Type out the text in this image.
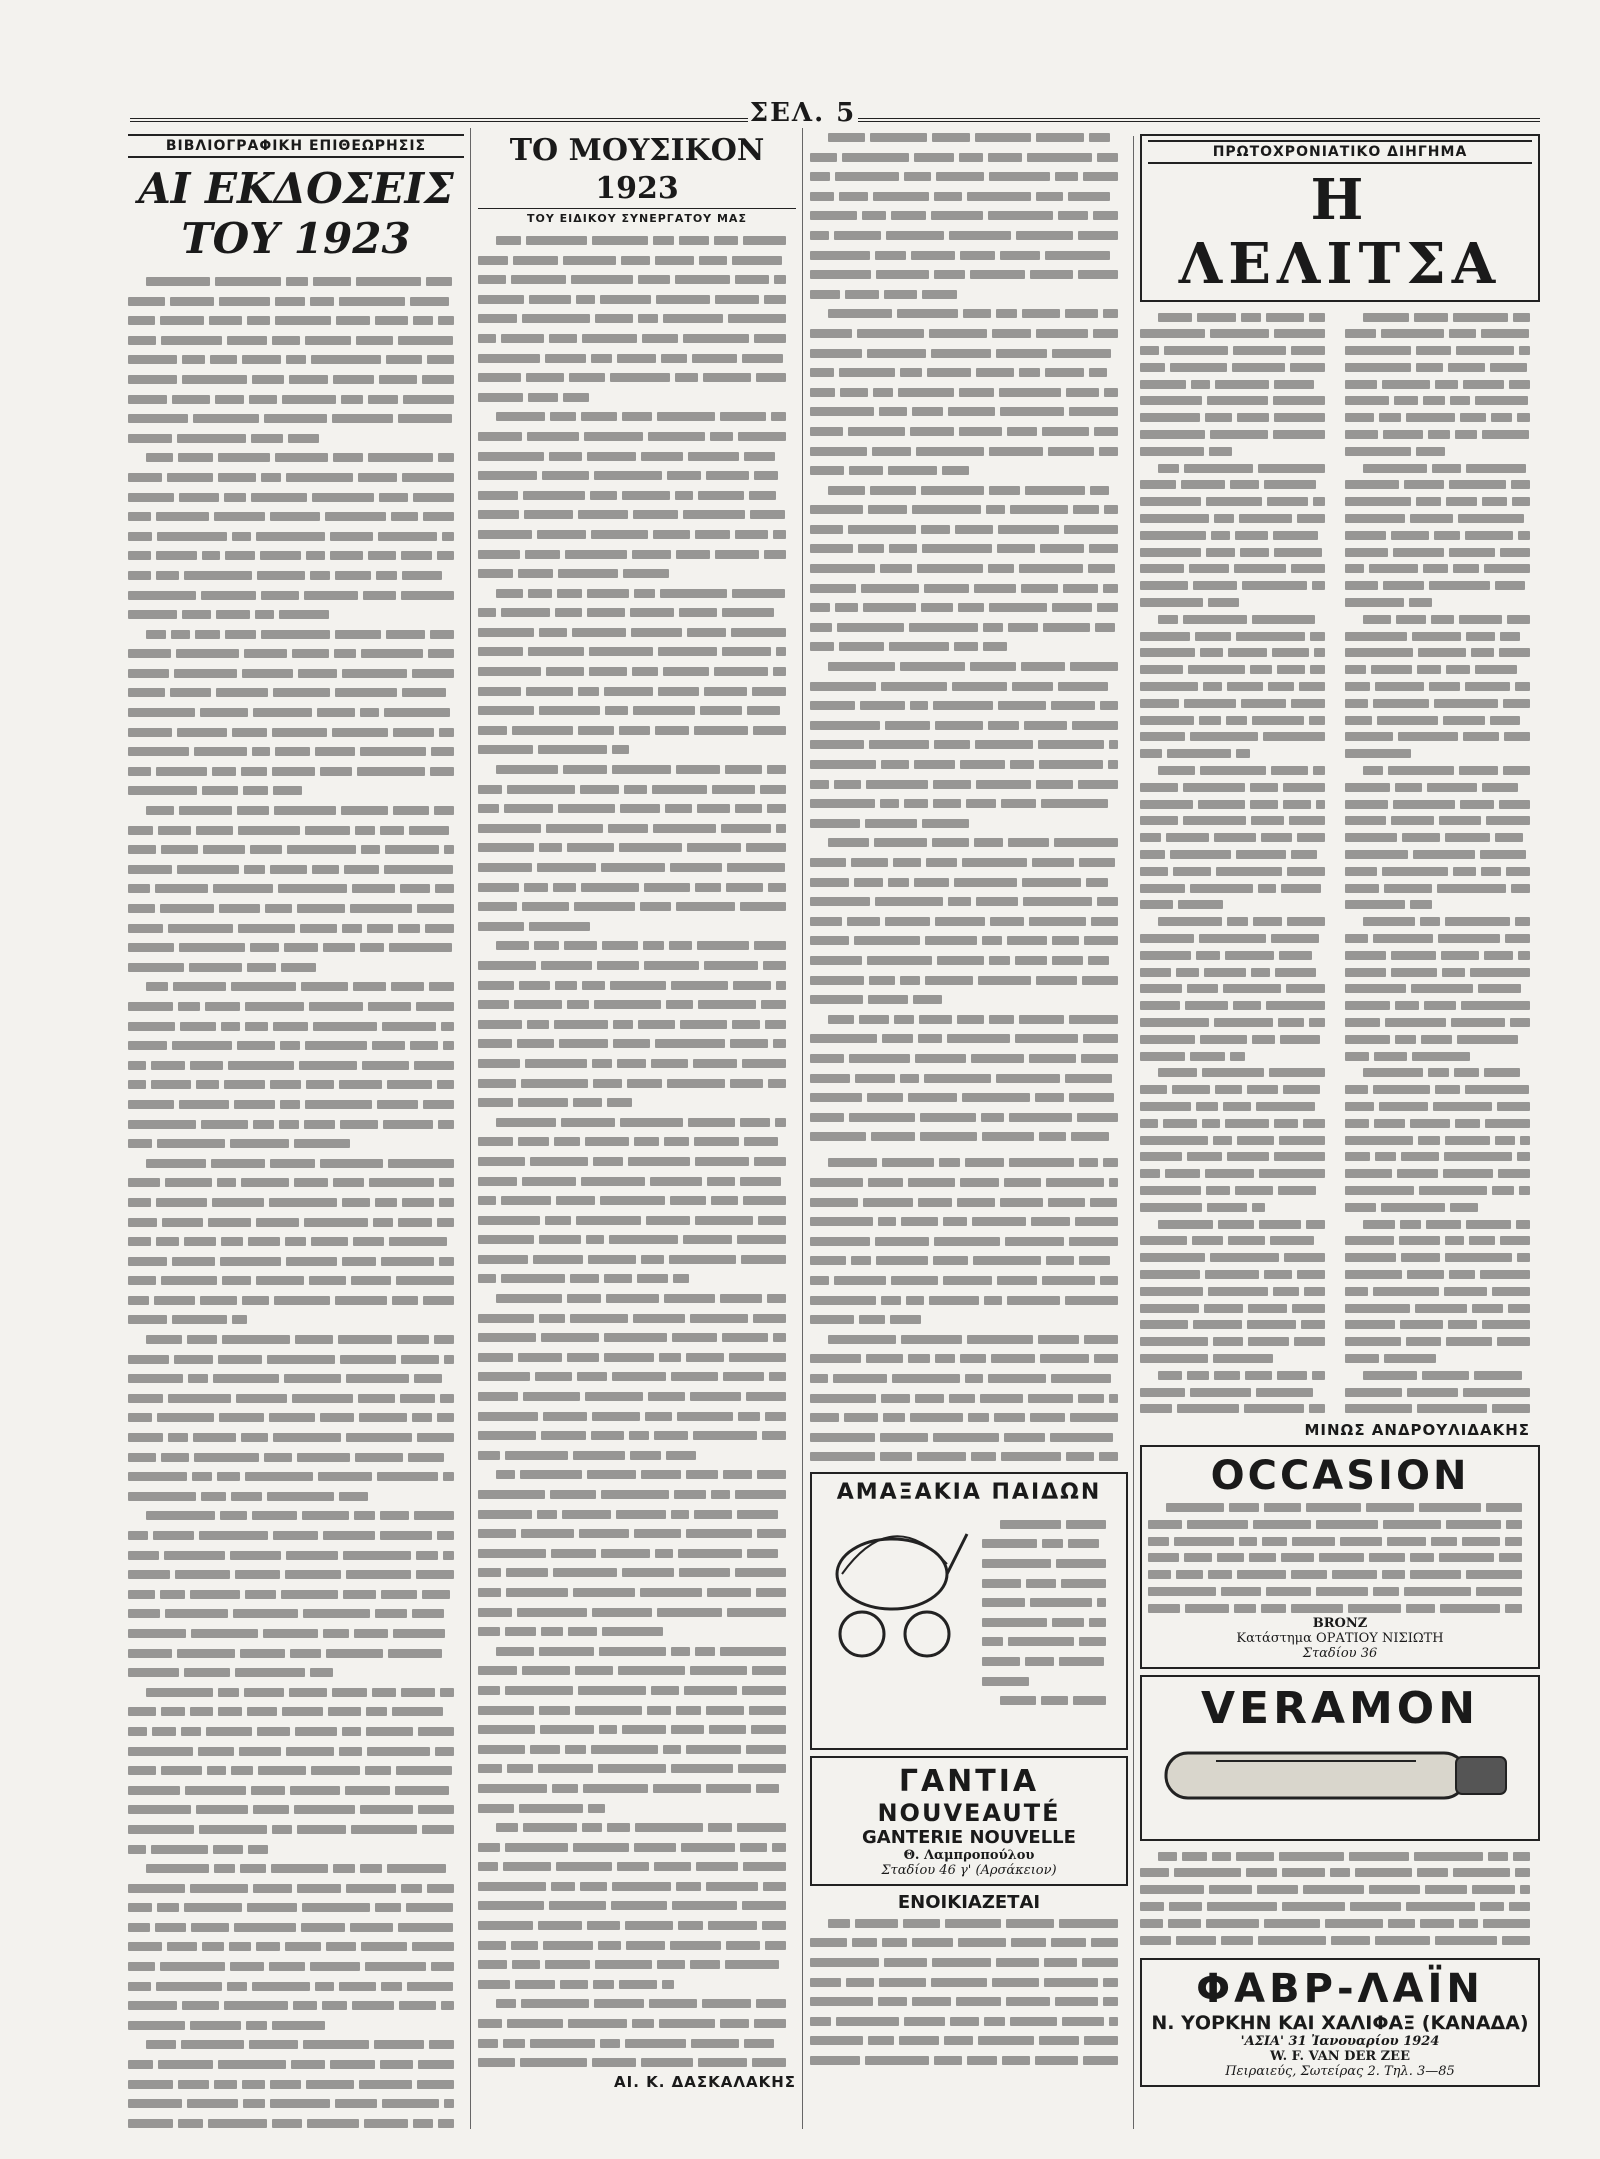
ΣΕΛ. 5
ΒΙΒΛΙΟΓΡΑΦΙΚΗ ΕΠΙΘΕΩΡΗΣΙΣ
ΑΙ ΕΚΔΟΣΕΙΣ ΤΟΥ 1923
ΤΟ ΜΟΥΣΙΚΟΝ 1923
ΤΟΥ ΕΙΔΙΚΟΥ ΣΥΝΕΡΓΑΤΟΥ ΜΑΣ
ΑΙ. Κ. ΔΑΣΚΑΛΑΚΗΣ
ΑΜΑΞΑΚΙΑ ΠΑΙΔΩΝ
ΓΑΝΤΙΑ
NOUVEAUTÉ
GANTERIE NOUVELLE
Θ. Λαμπροπούλου
Σταδίου 46 γ' (Αρσάκειον)
ΕΝΟΙΚΙΑΖΕΤΑΙ
ΠΡΩΤΟΧΡΟΝΙΑΤΙΚΟ ΔΙΗΓΗΜΑ
Η ΛΕΛΙΤΣΑ
ΜΙΝΩΣ ΑΝΔΡΟΥΛΙΔΑΚΗΣ
OCCASION
BRONZ
Κατάστημα ΟΡΑΤΙΟΥ ΝΙΣΙΩΤΗ
Σταδίου 36
VERAMON
ΦΑΒΡ-ΛΑΪΝ
Ν. ΥΟΡΚΗΝ ΚΑΙ ΧΑΛΙΦΑΞ (ΚΑΝΑΔΑ)
'ΑΣΙΑ' 31 Ἰανουαρίου 1924
W. F. VAN DER ZEE
Πειραιεύς, Σωτείρας 2. Τηλ. 3—85
